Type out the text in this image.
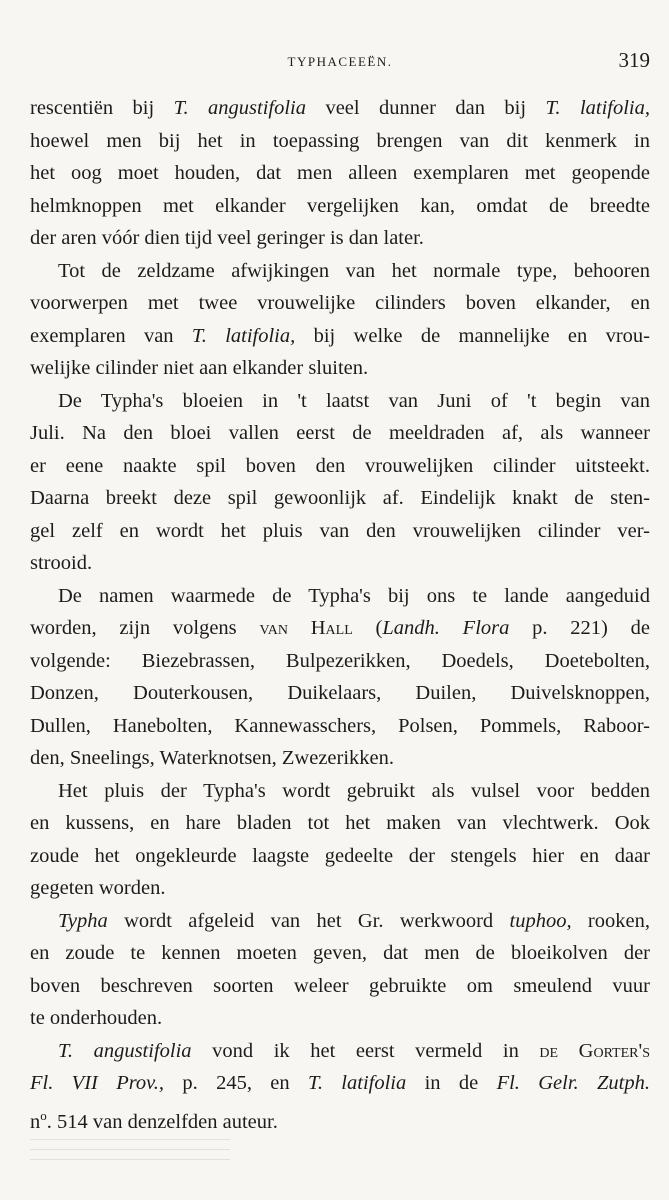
TYPHACEEËN.	319
rescentiën bij T. angustifolia veel dunner dan bij T. latifolia,
hoewel men bij het in toepassing brengen van dit kenmerk in
het oog moet houden, dat men alleen exemplaren met geopende
helmknoppen met elkander vergelijken kan, omdat de breedte
der aren vóór dien tijd veel geringer is dan later.
Tot de zeldzame afwijkingen van het normale type, behooren
voorwerpen met twee vrouwelijke cilinders boven elkander, en
exemplaren van T. latifolia, bij welke de mannelijke en vrou-
welijke cilinder niet aan elkander sluiten.
De Typha's bloeien in 't laatst van Juni of 't begin van
Juli. Na den bloei vallen eerst de meeldraden af, als wanneer
er eene naakte spil boven den vrouwelijken cilinder uitsteekt.
Daarna breekt deze spil gewoonlijk af. Eindelijk knakt de sten-
gel zelf en wordt het pluis van den vrouwelijken cilinder ver-
strooid.
De namen waarmede de Typha's bij ons te lande aangeduid
worden, zijn volgens van Hall (Landh. Flora p. 221) de
volgende: Biezebrassen, Bulpezerikken, Doedels, Doetebolten,
Donzen, Douterkousen, Duikelaars, Duilen, Duivelsknoppen,
Dullen, Hanebolten, Kannewasschers, Polsen, Pommels, Raboor-
den, Sneelings, Waterknotsen, Zwezerikken.
Het pluis der Typha's wordt gebruikt als vulsel voor bedden
en kussens, en hare bladen tot het maken van vlechtwerk. Ook
zoude het ongekleurde laagste gedeelte der stengels hier en daar
gegeten worden.
Typha wordt afgeleid van het Gr. werkwoord tuphoo, rooken,
en zoude te kennen moeten geven, dat men de bloeikolven der
boven beschreven soorten weleer gebruikte om smeulend vuur
te onderhouden.
T. angustifolia vond ik het eerst vermeld in de Gorter's
Fl. VII Prov., p. 245, en T. latifolia in de Fl. Gelr. Zutph.
$n^o$. 514 van denzelfden auteur.
